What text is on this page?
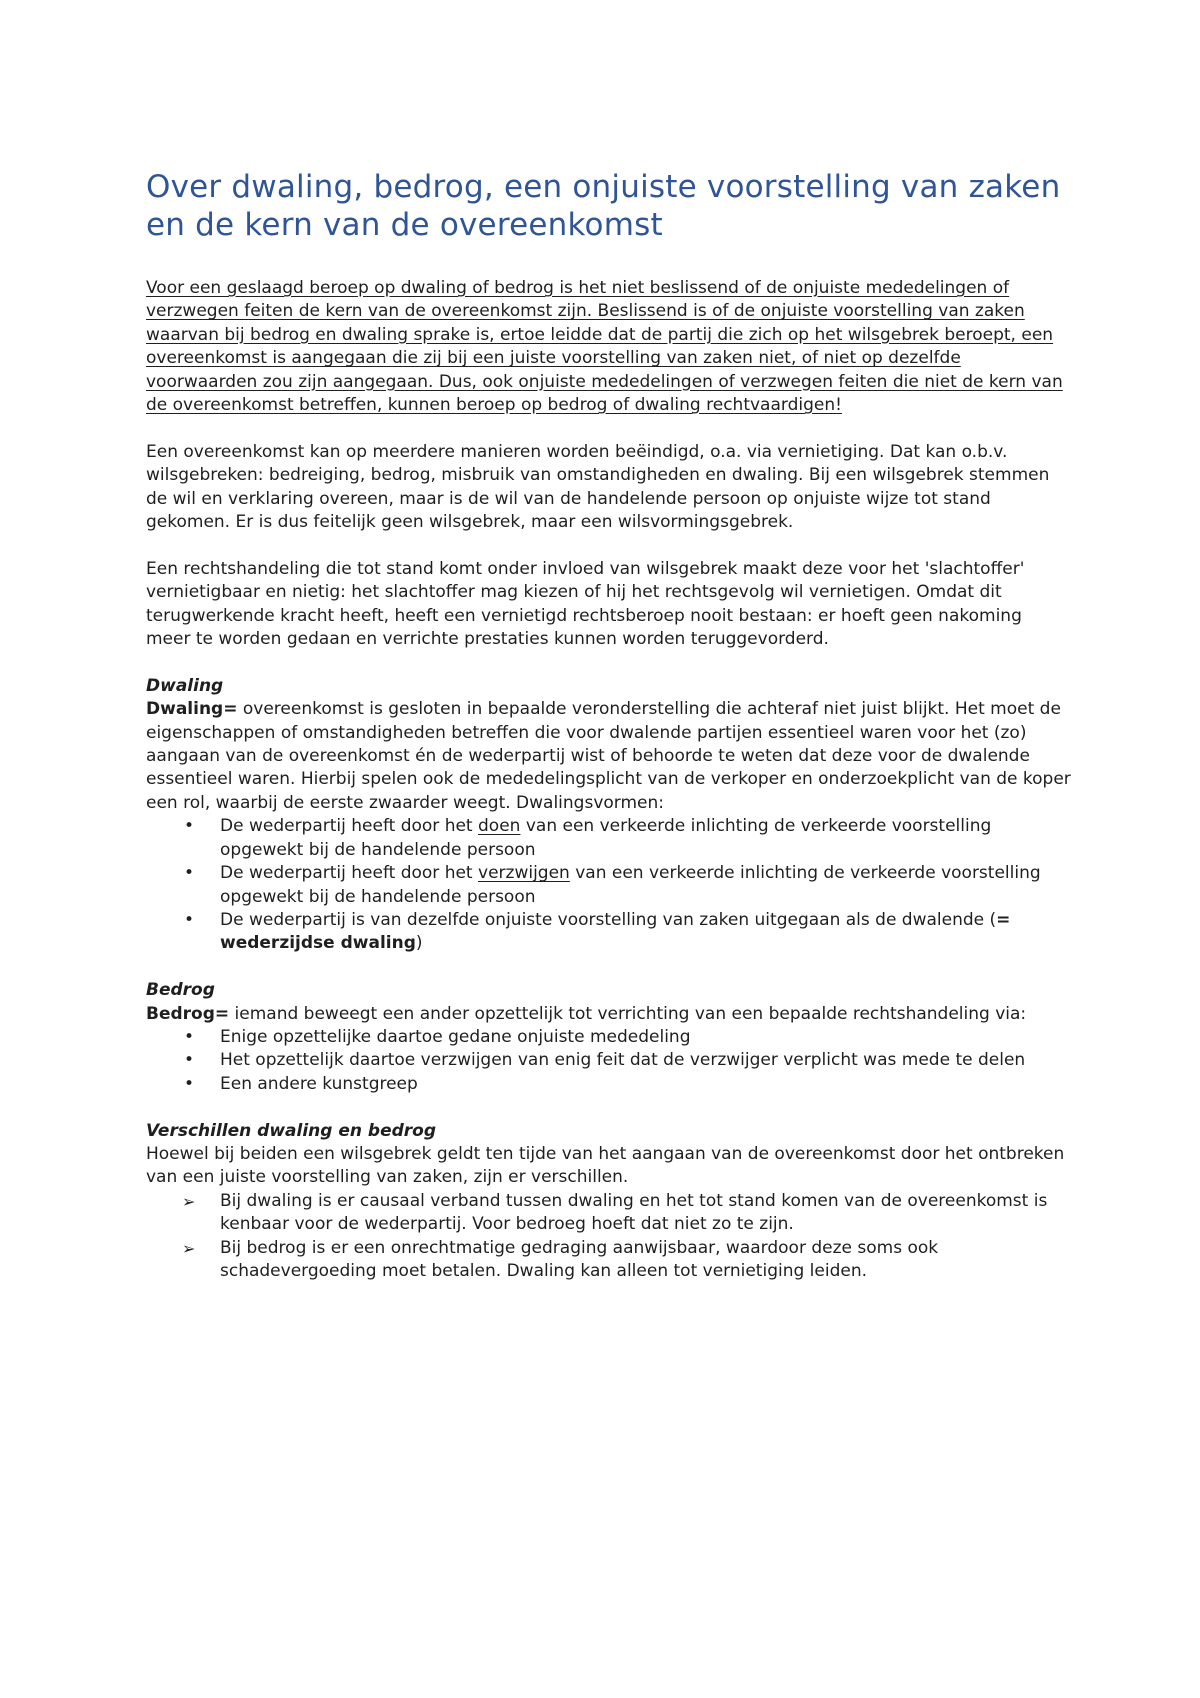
Over dwaling, bedrog, een onjuiste voorstelling van zaken en de kern van de overeenkomst

Voor een geslaagd beroep op dwaling of bedrog is het niet beslissend of de onjuiste mededelingen of verzwegen feiten de kern van de overeenkomst zijn. Beslissend is of de onjuiste voorstelling van zaken waarvan bij bedrog en dwaling sprake is, ertoe leidde dat de partij die zich op het wilsgebrek beroept, een overeenkomst is aangegaan die zij bij een juiste voorstelling van zaken niet, of niet op dezelfde voorwaarden zou zijn aangegaan. Dus, ook onjuiste mededelingen of verzwegen feiten die niet de kern van de overeenkomst betreffen, kunnen beroep op bedrog of dwaling rechtvaardigen!

Een overeenkomst kan op meerdere manieren worden beëindigd, o.a. via vernietiging. Dat kan o.b.v. wilsgebreken: bedreiging, bedrog, misbruik van omstandigheden en dwaling. Bij een wilsgebrek stemmen de wil en verklaring overeen, maar is de wil van de handelende persoon op onjuiste wijze tot stand gekomen. Er is dus feitelijk geen wilsgebrek, maar een wilsvormingsgebrek.

Een rechtshandeling die tot stand komt onder invloed van wilsgebrek maakt deze voor het 'slachtoffer' vernietigbaar en nietig: het slachtoffer mag kiezen of hij het rechtsgevolg wil vernietigen. Omdat dit terugwerkende kracht heeft, heeft een vernietigd rechtsberoep nooit bestaan: er hoeft geen nakoming meer te worden gedaan en verrichte prestaties kunnen worden teruggevorderd.

Dwaling
Dwaling= overeenkomst is gesloten in bepaalde veronderstelling die achteraf niet juist blijkt. Het moet de eigenschappen of omstandigheden betreffen die voor dwalende partijen essentieel waren voor het (zo) aangaan van de overeenkomst én de wederpartij wist of behoorde te weten dat deze voor de dwalende essentieel waren. Hierbij spelen ook de mededelingsplicht van de verkoper en onderzoekplicht van de koper een rol, waarbij de eerste zwaarder weegt. Dwalingsvormen:
• De wederpartij heeft door het doen van een verkeerde inlichting de verkeerde voorstelling opgewekt bij de handelende persoon
• De wederpartij heeft door het verzwijgen van een verkeerde inlichting de verkeerde voorstelling opgewekt bij de handelende persoon
• De wederpartij is van dezelfde onjuiste voorstelling van zaken uitgegaan als de dwalende (= wederzijdse dwaling)
Bedrog
Bedrog= iemand beweegt een ander opzettelijk tot verrichting van een bepaalde rechtshandeling via:
• Enige opzettelijke daartoe gedane onjuiste mededeling
• Het opzettelijk daartoe verzwijgen van enig feit dat de verzwijger verplicht was mede te delen
• Een andere kunstgreep
Verschillen dwaling en bedrog
Hoewel bij beiden een wilsgebrek geldt ten tijde van het aangaan van de overeenkomst door het ontbreken van een juiste voorstelling van zaken, zijn er verschillen.
➢ Bij dwaling is er causaal verband tussen dwaling en het tot stand komen van de overeenkomst is kenbaar voor de wederpartij. Voor bedroeg hoeft dat niet zo te zijn.
➢ Bij bedrog is er een onrechtmatige gedraging aanwijsbaar, waardoor deze soms ook schadevergoeding moet betalen. Dwaling kan alleen tot vernietiging leiden.
